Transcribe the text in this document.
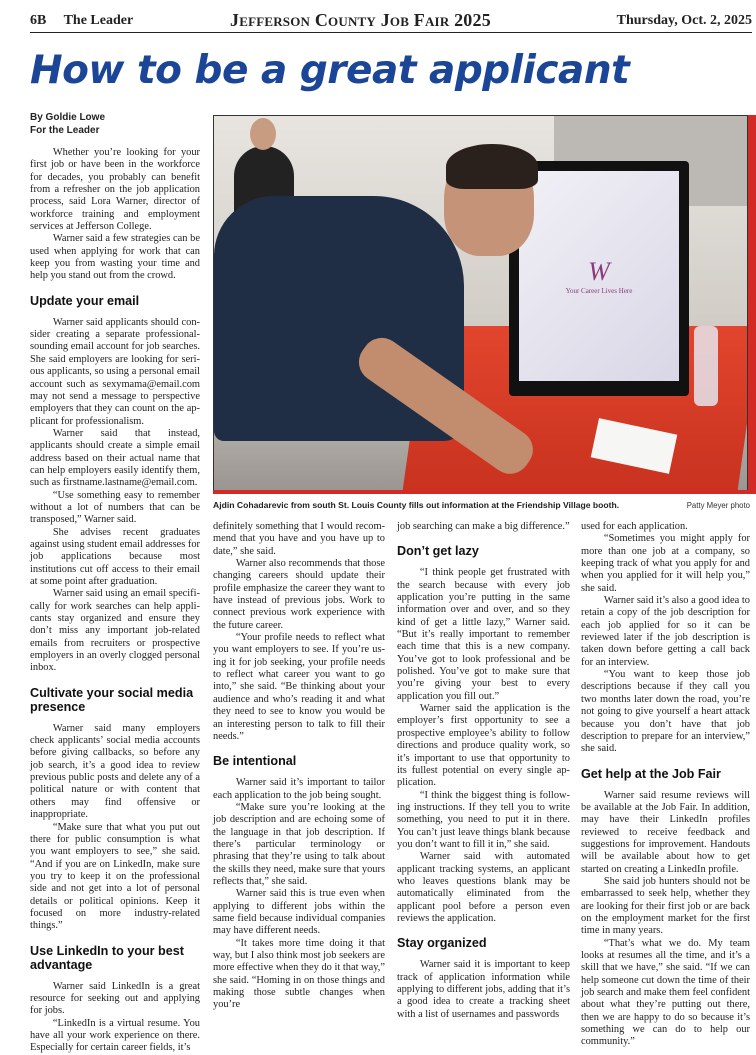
6B The Leader	Jefferson County Job Fair 2025	Thursday, Oct. 2, 2025
How to be a great applicant
By Goldie Lowe
For the Leader
W
Your Career Lives Here
Ajdin Cohadarevic from south St. Louis County fills out information at the Friendship Village booth.	Patty Meyer photo

Whether you’re looking for your first job or have been in the workforce for decades, you probably can benefit from a refresher on the job application process, said Lora Warner, director of workforce training and employment services at Jefferson College.

Warner said a few strategies can be used when applying for work that can keep you from wasting your time and help you stand out from the crowd.

Update your email

Warner said applicants should consider creating a separate professional-sounding email account for job searches. She said employers are looking for serious applicants, so using a personal email account such as sexymama@email.com may not send a message to perspective employers that they can count on the applicant for professionalism.

Warner said that instead, applicants should create a simple email address based on their actual name that can help employers easily identify them, such as firstname.lastname@email.com.

“Use something easy to remember without a lot of numbers that can be transposed,” Warner said.

She advises recent graduates against using student email addresses for job applications because most institutions cut off access to their email at some point after graduation.

Warner said using an email specifically for work searches can help applicants stay organized and ensure they don’t miss any important job-related emails from recruiters or prospective employers in an overly clogged personal inbox.

Cultivate your social media presence

Warner said many employers check applicants’ social media accounts before giving callbacks, so before any job search, it’s a good idea to review previous public posts and delete any of a political nature or with content that others may find offensive or inappropriate.

“Make sure that what you put out there for public consumption is what you want employers to see,” she said. “And if you are on LinkedIn, make sure you try to keep it on the professional side and not get into a lot of personal details or political opinions. Keep it focused on more industry-related things.”

Use LinkedIn to your best advantage

Warner said LinkedIn is a great resource for seeking out and applying for jobs.

“LinkedIn is a virtual resume. You have all your work experience on there. Especially for certain career fields, it’s

definitely something that I would recommend that you have and you have up to date,” she said.

Warner also recommends that those changing careers should update their profile emphasize the career they want to have instead of previous jobs. Work to connect previous work experience with the future career.

“Your profile needs to reflect what you want employers to see. If you’re using it for job seeking, your profile needs to reflect what career you want to go into,” she said. “Be thinking about your audience and who’s reading it and what they need to see to know you would be an interesting person to talk to fill their needs.”

Be intentional

Warner said it’s important to tailor each application to the job being sought.

“Make sure you’re looking at the job description and are echoing some of the language in that job description. If there’s particular terminology or phrasing that they’re using to talk about the skills they need, make sure that yours reflects that,” she said.

Warner said this is true even when applying to different jobs within the same field because individual companies may have different needs.

“It takes more time doing it that way, but I also think most job seekers are more effective when they do it that way,” she said. “Homing in on those things and making those subtle changes when you’re

job searching can make a big difference.”

Don’t get lazy

“I think people get frustrated with the search because with every job application you’re putting in the same information over and over, and so they kind of get a little lazy,” Warner said. “But it’s really important to remember each time that this is a new company. You’ve got to look professional and be polished. You’ve got to make sure that you’re giving your best to every application you fill out.”

Warner said the application is the employer’s first opportunity to see a prospective employee’s ability to follow directions and produce quality work, so it’s important to use that opportunity to its fullest potential on every single application.

“I think the biggest thing is following instructions. If they tell you to write something, you need to put it in there. You can’t just leave things blank because you don’t want to fill it in,” she said.

Warner said with automated applicant tracking systems, an applicant who leaves questions blank may be automatically eliminated from the applicant pool before a person even reviews the application.

Stay organized

Warner said it is important to keep track of application information while applying to different jobs, adding that it’s a good idea to create a tracking sheet with a list of usernames and passwords

used for each application.

“Sometimes you might apply for more than one job at a company, so keeping track of what you apply for and when you applied for it will help you,” she said.

Warner said it’s also a good idea to retain a copy of the job description for each job applied for so it can be reviewed later if the job description is taken down before getting a call back for an interview.

“You want to keep those job descriptions because if they call you two months later down the road, you’re not going to give yourself a heart attack because you don’t have that job description to prepare for an interview,” she said.

Get help at the Job Fair

Warner said resume reviews will be available at the Job Fair. In addition, may have their LinkedIn profiles reviewed to receive feedback and suggestions for improvement. Handouts will be available about how to get started on creating a LinkedIn profile.

She said job hunters should not be embarrassed to seek help, whether they are looking for their first job or are back on the employment market for the first time in many years.

“That’s what we do. My team looks at resumes all the time, and it’s a skill that we have,” she said. “If we can help someone cut down the time of their job search and make them feel confident about what they’re putting out there, then we are happy to do so because it’s something we can do to help our community.”
